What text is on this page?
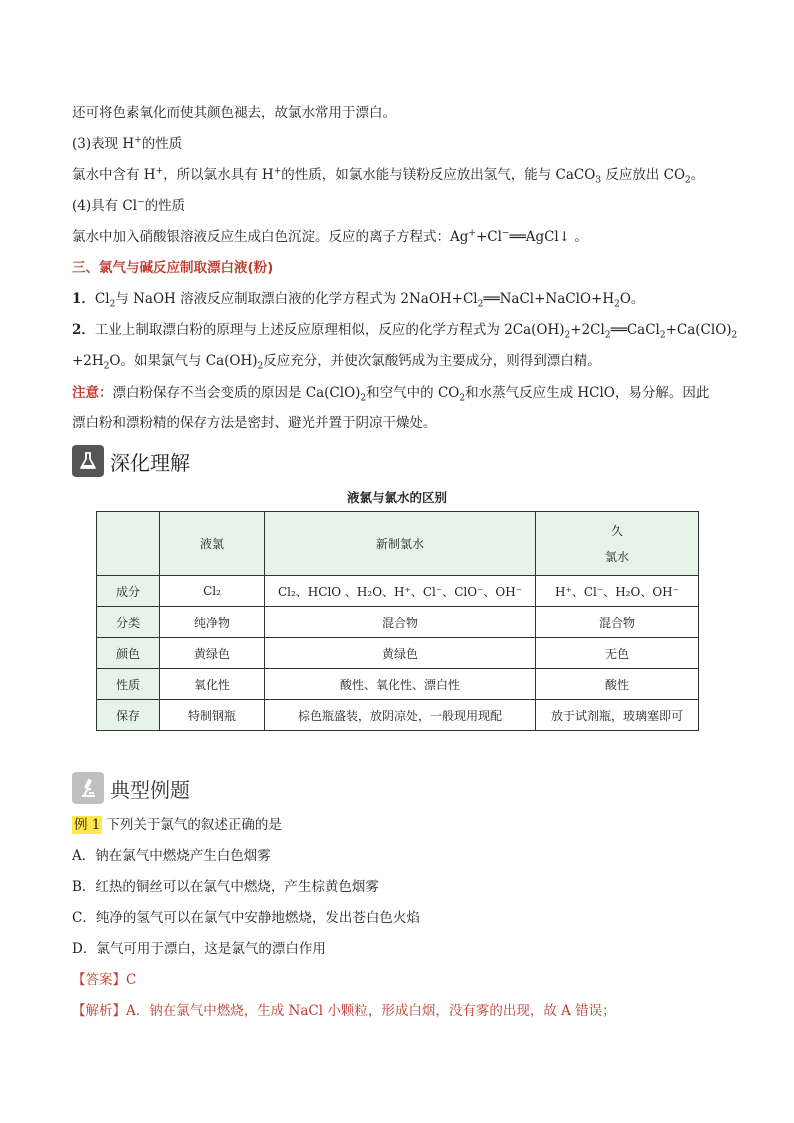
还可将色素氧化而使其颜色褪去，故氯水常用于漂白。
(3)表现 H+的性质
氯水中含有 H+，所以氯水具有 H+的性质，如氯水能与镁粉反应放出氢气，能与 CaCO$_3$ 反应放出 $CO_2$。
(4)具有 Cl−的性质
氯水中加入硝酸银溶液反应生成白色沉淀。反应的离子方程式：Ag++Cl−══AgCl↓ 。
三、氯气与碱反应制取漂白液(粉)
1．$Cl_2$与 NaOH 溶液反应制取漂白液的化学方程式为 $2NaOH+Cl_2══NaCl+NaClO+H_2O$。
2．工业上制取漂白粉的原理与上述反应原理相似，反应的化学方程式为 $2Ca(OH)_2+2Cl_2══CaCl_2+Ca(ClO)_2$
$+2H_2O$。如果氯气与 $Ca(OH)_2$反应充分，并使次氯酸钙成为主要成分，则得到漂白精。
注意：漂白粉保存不当会变质的原因是 $Ca(ClO)_2$和空气中的 $CO_2$和水蒸气反应生成 HClO，易分解。因此
漂白粉和漂粉精的保存方法是密封、避光并置于阴凉干燥处。
深化理解
液氯与氯水的区别
	液氯	新制氯水	久
氯水

成分	Cl₂	Cl₂、HClO 、H₂O、H⁺、Cl⁻、ClO⁻、OH⁻	H⁺、Cl⁻、H₂O、OH⁻
分类	纯净物	混合物	混合物
颜色	黄绿色	黄绿色	无色
性质	氧化性	酸性、氧化性、漂白性	酸性
保存	特制钢瓶	棕色瓶盛装，放阴凉处，一般现用现配	放于试剂瓶，玻璃塞即可
典型例题
例 1 下列关于氯气的叙述正确的是
A．钠在氯气中燃烧产生白色烟雾
B．红热的铜丝可以在氯气中燃烧，产生棕黄色烟雾
C．纯净的氢气可以在氯气中安静地燃烧，发出苍白色火焰
D．氯气可用于漂白，这是氯气的漂白作用
【答案】C
【解析】A．钠在氯气中燃烧，生成 NaCl 小颗粒，形成白烟，没有雾的出现，故 A 错误；
